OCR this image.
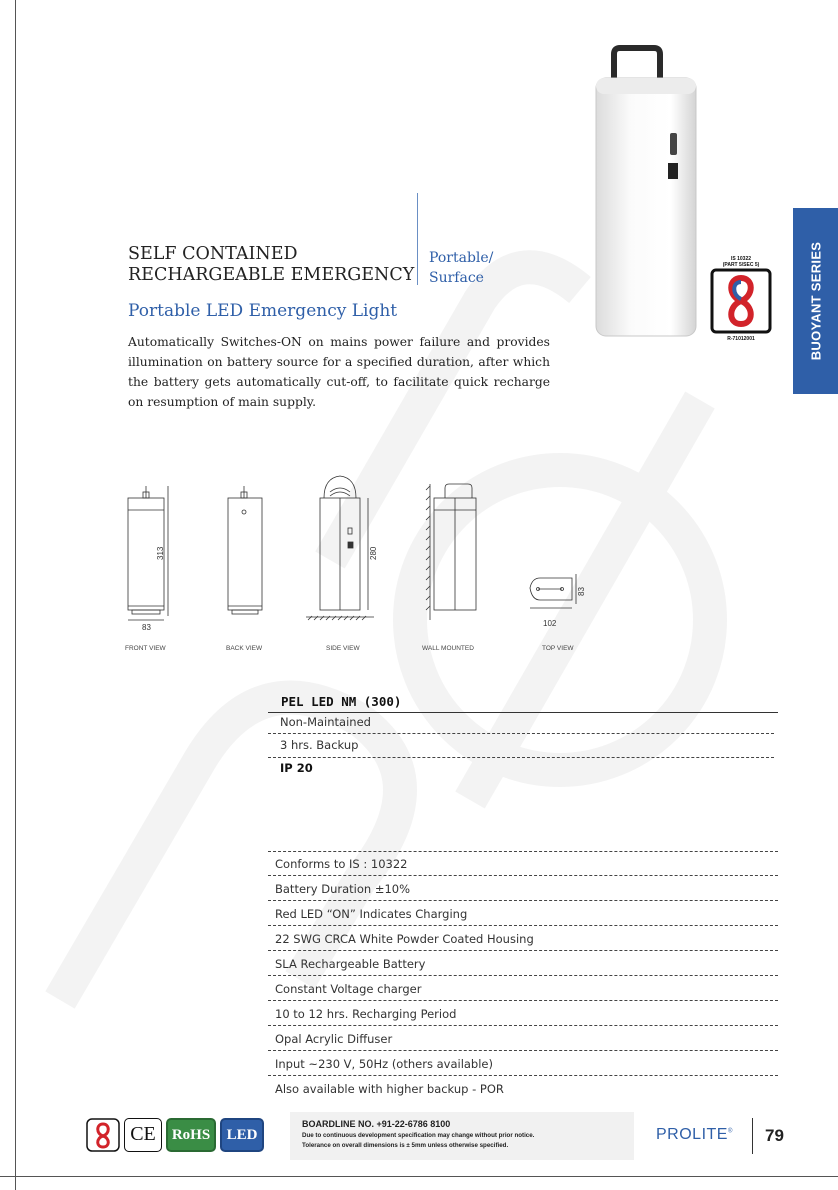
IS 10322
(PART 5/SEC 5)
R-71012001	BUOYANT SERIES
SELF CONTAINED
RECHARGEABLE EMERGENCY
Portable/
Surface
Portable LED Emergency Light
Automatically Switches-ON on mains power failure and provides illumination on battery source for a specified duration, after which the battery gets automatically cut-off, to facilitate quick recharge on resumption of main supply.
313
83
280
83
102
FRONT VIEW	BACK VIEW	SIDE VIEW	WALL MOUNTED	TOP VIEW
PEL LED NM (300)
Non-Maintained
3 hrs. Backup
IP 20
Conforms to IS : 10322
Battery Duration ±10%
Red LED “ON” Indicates Charging
22 SWG CRCA White Powder Coated Housing
SLA Rechargeable Battery
Constant Voltage charger
10 to 12 hrs. Recharging Period
Opal Acrylic Diffuser
Input ~230 V, 50Hz (others available)
Also available with higher backup - POR
CE	RoHS	LED
BOARDLINE NO. +91-22-6786 8100
Due to continuous development specification may change without prior notice.
Tolerance on overall dimensions is ± 5mm unless otherwise specified.
PROLITE® 79
